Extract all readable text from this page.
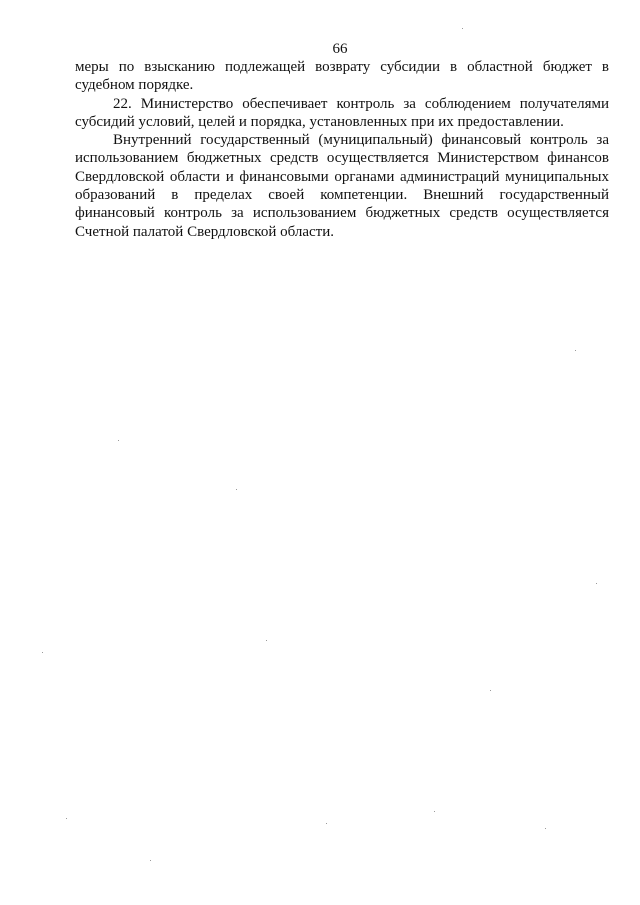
66

меры по взысканию подлежащей возврату субсидии в областной бюджет в судебном порядке.

22. Министерство обеспечивает контроль за соблюдением получателями субсидий условий, целей и порядка, установленных при их предоставлении.

Внутренний государственный (муниципальный) финансовый контроль за использованием бюджетных средств осуществляется Министерством финансов Свердловской области и финансовыми органами администраций муниципальных образований в пределах своей компетенции. Внешний государственный финансовый контроль за использованием бюджетных средств осуществляется Счетной палатой Свердловской области.
